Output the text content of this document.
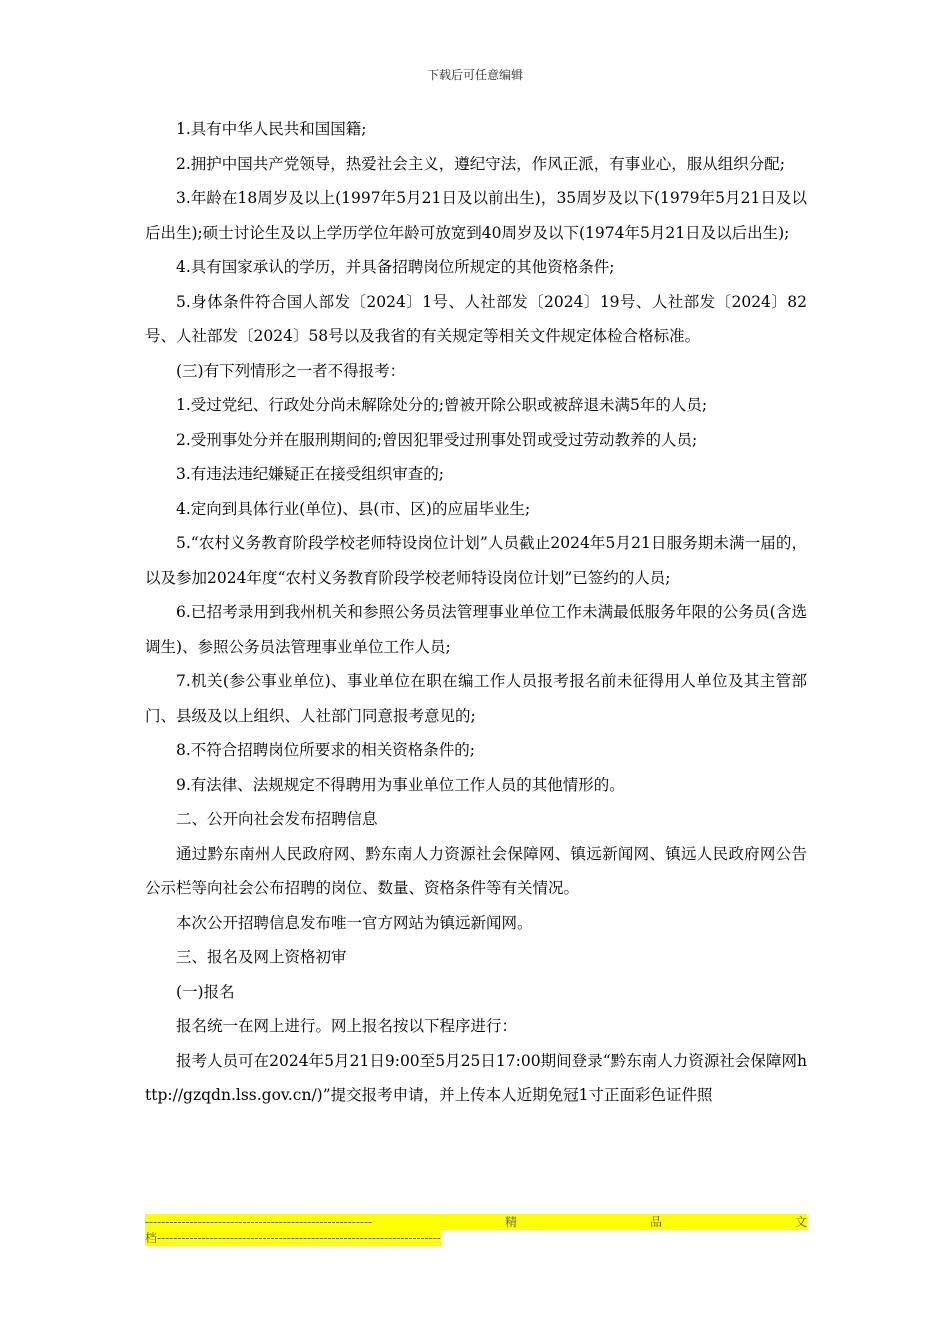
下载后可任意编辑

1.具有中华人民共和国国籍;

2.拥护中国共产党领导，热爱社会主义，遵纪守法，作风正派，有事业心，服从组织分配;

3.年龄在18周岁及以上(1997年5月21日及以前出生)，35周岁及以下(1979年5月21日及以后出生);硕士讨论生及以上学历学位年龄可放宽到40周岁及以下(1974年5月21日及以后出生);

4.具有国家承认的学历，并具备招聘岗位所规定的其他资格条件;

5.身体条件符合国人部发〔2024〕1号、人社部发〔2024〕19号、人社部发〔2024〕82号、人社部发〔2024〕58号以及我省的有关规定等相关文件规定体检合格标准。

(三)有下列情形之一者不得报考：

1.受过党纪、行政处分尚未解除处分的;曾被开除公职或被辞退未满5年的人员;

2.受刑事处分并在服刑期间的;曾因犯罪受过刑事处罚或受过劳动教养的人员;

3.有违法违纪嫌疑正在接受组织审查的;

4.定向到具体行业(单位)、县(市、区)的应届毕业生;

5.“农村义务教育阶段学校老师特设岗位计划”人员截止2024年5月21日服务期未满一届的，以及参加2024年度“农村义务教育阶段学校老师特设岗位计划”已签约的人员;

6.已招考录用到我州机关和参照公务员法管理事业单位工作未满最低服务年限的公务员(含选调生)、参照公务员法管理事业单位工作人员;

7.机关(参公事业单位)、事业单位在职在编工作人员报考报名前未征得用人单位及其主管部门、县级及以上组织、人社部门同意报考意见的;

8.不符合招聘岗位所要求的相关资格条件的;

9.有法律、法规规定不得聘用为事业单位工作人员的其他情形的。

二、公开向社会发布招聘信息

通过黔东南州人民政府网、黔东南人力资源社会保障网、镇远新闻网、镇远人民政府网公告公示栏等向社会公布招聘的岗位、数量、资格条件等有关情况。

本次公开招聘信息发布唯一官方网站为镇远新闻网。

三、报名及网上资格初审

(一)报名

报名统一在网上进行。网上报名按以下程序进行：

报考人员可在2024年5月21日9:00至5月25日17:00期间登录“黔东南人力资源社会保障网http://gzqdn.lss.gov.cn/)”提交报考申请，并上传本人近期免冠1寸正面彩色证件照

--------------------------------------------------------	精	品	文
档----------------------------------------------------------------------
